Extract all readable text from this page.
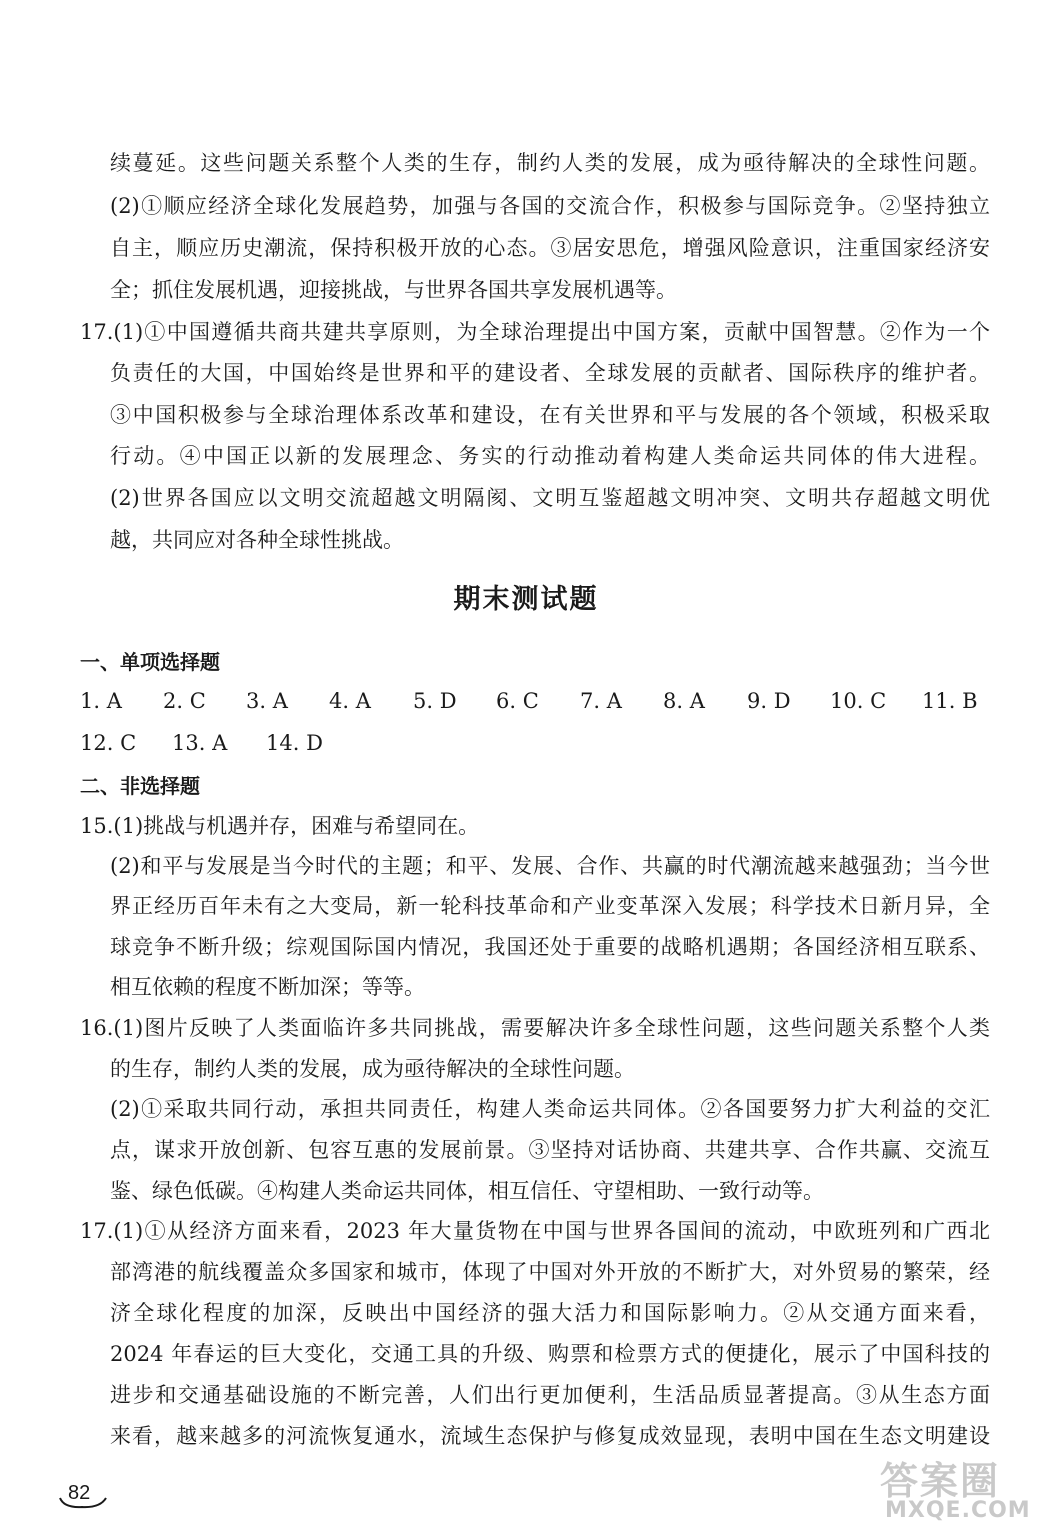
续蔓延。这些问题关系整个人类的生存，制约人类的发展，成为亟待解决的全球性问题。
(2)①顺应经济全球化发展趋势，加强与各国的交流合作，积极参与国际竞争。②坚持独立
自主，顺应历史潮流，保持积极开放的心态。③居安思危，增强风险意识，注重国家经济安
全；抓住发展机遇，迎接挑战，与世界各国共享发展机遇等。
17.(1)①中国遵循共商共建共享原则，为全球治理提出中国方案，贡献中国智慧。②作为一个
负责任的大国，中国始终是世界和平的建设者、全球发展的贡献者、国际秩序的维护者。
③中国积极参与全球治理体系改革和建设，在有关世界和平与发展的各个领域，积极采取
行动。④中国正以新的发展理念、务实的行动推动着构建人类命运共同体的伟大进程。
(2)世界各国应以文明交流超越文明隔阂、文明互鉴超越文明冲突、文明共存超越文明优
越，共同应对各种全球性挑战。
期末测试题
一、单项选择题
1. A 2. C 3. A 4. A 5. D 6. C 7. A 8. A 9. D 10. C 11. B
12. C 13. A 14. D
二、非选择题
15.(1)挑战与机遇并存，困难与希望同在。
(2)和平与发展是当今时代的主题；和平、发展、合作、共赢的时代潮流越来越强劲；当今世
界正经历百年未有之大变局，新一轮科技革命和产业变革深入发展；科学技术日新月异，全
球竞争不断升级；综观国际国内情况，我国还处于重要的战略机遇期；各国经济相互联系、
相互依赖的程度不断加深；等等。
16.(1)图片反映了人类面临许多共同挑战，需要解决许多全球性问题，这些问题关系整个人类
的生存，制约人类的发展，成为亟待解决的全球性问题。
(2)①采取共同行动，承担共同责任，构建人类命运共同体。②各国要努力扩大利益的交汇
点，谋求开放创新、包容互惠的发展前景。③坚持对话协商、共建共享、合作共赢、交流互
鉴、绿色低碳。④构建人类命运共同体，相互信任、守望相助、一致行动等。
17.(1)①从经济方面来看，2023 年大量货物在中国与世界各国间的流动，中欧班列和广西北
部湾港的航线覆盖众多国家和城市，体现了中国对外开放的不断扩大，对外贸易的繁荣，经
济全球化程度的加深，反映出中国经济的强大活力和国际影响力。②从交通方面来看，
2024 年春运的巨大变化，交通工具的升级、购票和检票方式的便捷化，展示了中国科技的
进步和交通基础设施的不断完善，人们出行更加便利，生活品质显著提高。③从生态方面
来看，越来越多的河流恢复通水，流域生态保护与修复成效显现，表明中国在生态文明建设
82	答案圈
MXQE.COM
